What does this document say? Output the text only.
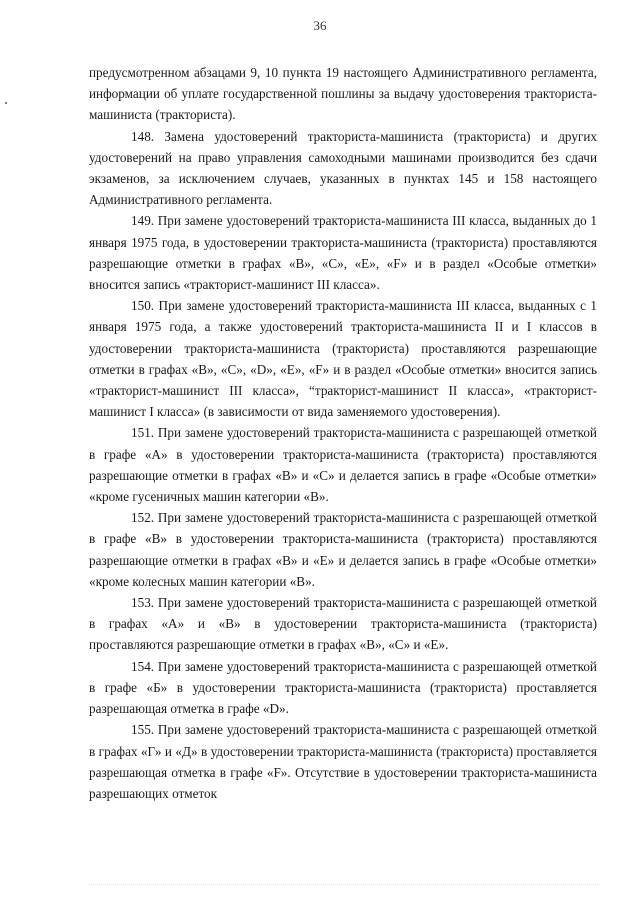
36

предусмотренном абзацами 9, 10 пункта 19 настоящего Административного регламента, информации об уплате государственной пошлины за выдачу удостоверения тракториста-машиниста (тракториста).

148. Замена удостоверений тракториста-машиниста (тракториста) и других удостоверений на право управления самоходными машинами производится без сдачи экзаменов, за исключением случаев, указанных в пунктах 145 и 158 настоящего Административного регламента.

149. При замене удостоверений тракториста-машиниста III класса, выданных до 1 января 1975 года, в удостоверении тракториста-машиниста (тракториста) проставляются разрешающие отметки в графах «В», «С», «Е», «F» и в раздел «Особые отметки» вносится запись «тракторист-машинист III класса».

150. При замене удостоверений тракториста-машиниста III класса, выданных с 1 января 1975 года, а также удостоверений тракториста-машиниста II и I классов в удостоверении тракториста-машиниста (тракториста) проставляются разрешающие отметки в графах «В», «С», «D», «Е», «F» и в раздел «Особые отметки» вносится запись «тракторист-машинист III класса», “тракторист-машинист II класса», «тракторист-машинист I класса» (в зависимости от вида заменяемого удостоверения).

151. При замене удостоверений тракториста-машиниста с разрешающей отметкой в графе «А» в удостоверении тракториста-машиниста (тракториста) проставляются разрешающие отметки в графах «В» и «С» и делается запись в графе «Особые отметки» «кроме гусеничных машин категории «В».

152. При замене удостоверений тракториста-машиниста с разрешающей отметкой в графе «В» в удостоверении тракториста-машиниста (тракториста) проставляются разрешающие отметки в графах «В» и «Е» и делается запись в графе «Особые отметки» «кроме колесных машин категории «В».

153. При замене удостоверений тракториста-машиниста с разрешающей отметкой в графах «А» и «В» в удостоверении тракториста-машиниста (тракториста) проставляются разрешающие отметки в графах «В», «С» и «Е».

154. При замене удостоверений тракториста-машиниста с разрешающей отметкой в графе «Б» в удостоверении тракториста-машиниста (тракториста) проставляется разрешающая отметка в графе «D».

155. При замене удостоверений тракториста-машиниста с разрешающей отметкой в графах «Г» и «Д» в удостоверении тракториста-машиниста (тракториста) проставляется разрешающая отметка в графе «F». Отсутствие в удостоверении тракториста-машиниста разрешающих отметок
